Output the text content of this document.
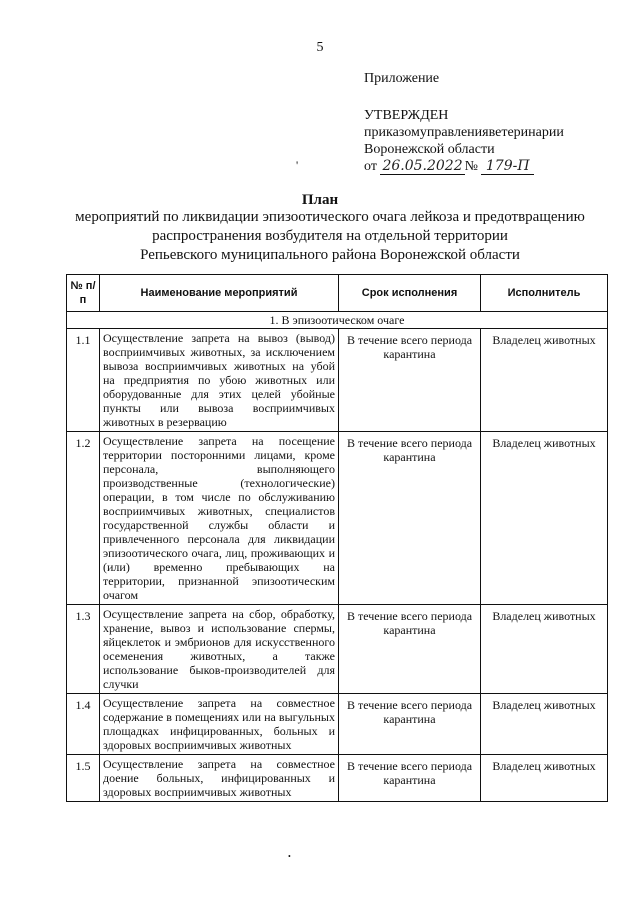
5

Приложение

УТВЕРЖДЕН

приказом управления ветеринарии
Воронежской области
от
26.05.2022 №
179-П
'
План
мероприятий по ликвидации эпизоотического очага лейкоза и предотвращению
распространения возбудителя на отдельной территории
Репьевского муниципального района Воронежской области
№ п/п	Наименование мероприятий	Срок исполнения	Исполнитель
1. В эпизоотическом очаге			
1.1	Осуществление запрета на вывоз (вывод) восприимчивых животных, за исключением вывоза восприимчивых животных на убой на предприятия по убою животных или оборудованные для этих целей убойные пункты или вывоза восприимчивых животных в резервацию	В течение всего периода карантина	Владелец животных
1.2	Осуществление запрета на посещение территории посторонними лицами, кроме персонала, выполняющего производственные (технологические) операции, в том числе по обслуживанию восприимчивых животных, специалистов государственной службы области и привлеченного персонала для ликвидации эпизоотического очага, лиц, проживающих и (или) временно пребывающих на территории, признанной эпизоотическим очагом	В течение всего периода карантина	Владелец животных
1.3	Осуществление запрета на сбор, обработку, хранение, вывоз и использование спермы, яйцеклеток и эмбрионов для искусственного осеменения животных, а также использование быков-производителей для случки	В течение всего периода карантина	Владелец животных
1.4	Осуществление запрета на совместное содержание в помещениях или на выгульных площадках инфицированных, больных и здоровых восприимчивых животных	В течение всего периода карантина	Владелец животных
1.5	Осуществление запрета на совместное доение больных, инфицированных и здоровых восприимчивых животных	В течение всего периода карантина	Владелец животных
•
